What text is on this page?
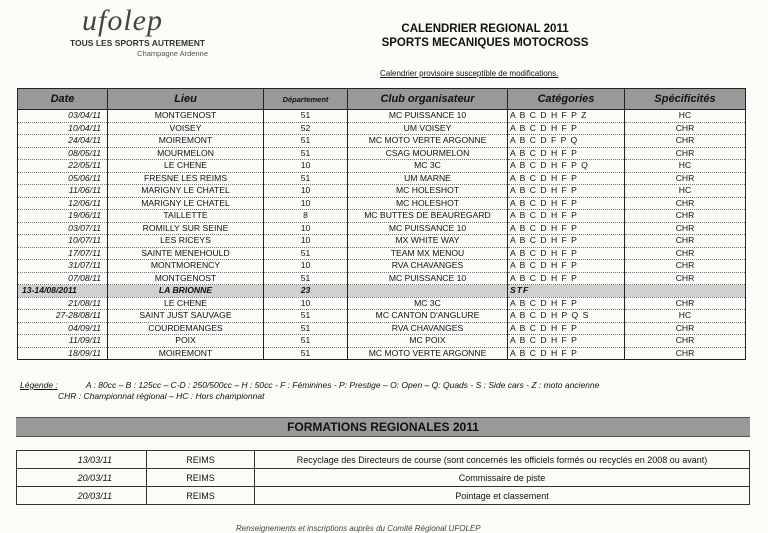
ufolep
TOUS LES SPORTS AUTREMENT
Champagne Ardenne
CALENDRIER REGIONAL 2011
SPORTS MECANIQUES MOTOCROSS
Calendrier provisoire susceptible de modifications.
Date	Lieu	Département	Club organisateur	Catégories	Spécificités
03/04/11	MONTGENOST	51	MC PUISSANCE 10	A B C D H F P Z	HC
10/04/11	VOISEY	52	UM VOISEY	A B C D H F P	CHR
24/04/11	MOIREMONT	51	MC MOTO VERTE ARGONNE	A B C D F P Q	CHR
08/05/11	MOURMELON	51	CSAG MOURMELON	A B C D H F P	CHR
22/05/11	LE CHENE	10	MC 3C	A B C D H F P Q	HC
05/06/11	FRESNE LES REIMS	51	UM MARNE	A B C D H F P	CHR
11/06/11	MARIGNY LE CHATEL	10	MC HOLESHOT	A B C D H F P	HC
12/06/11	MARIGNY LE CHATEL	10	MC HOLESHOT	A B C D H F P	CHR
19/06/11	TAILLETTE	8	MC BUTTES DE BEAUREGARD	A B C D H F P	CHR
03/07/11	ROMILLY SUR SEINE	10	MC PUISSANCE 10	A B C D H F P	CHR
10/07/11	LES RICEYS	10	MX WHITE WAY	A B C D H F P	CHR
17/07/11	SAINTE MENEHOULD	51	TEAM MX MENOU	A B C D H F P	CHR
31/07/11	MONTMORENCY	10	RVA CHAVANGES	A B C D H F P	CHR
07/08/11	MONTGENOST	51	MC PUISSANCE 10	A B C D H F P	CHR
13-14/08/2011	LA BRIONNE	23		STF	
21/08/11	LE CHENE	10	MC 3C	A B C D H F P	CHR
27-28/08/11	SAINT JUST SAUVAGE	51	MC CANTON D'ANGLURE	A B C D H P Q S	HC
04/09/11	COURDEMANGES	51	RVA CHAVANGES	A B C D H F P	CHR
11/09/11	POIX	51	MC POIX	A B C D H F P	CHR
18/09/11	MOIREMONT	51	MC MOTO VERTE ARGONNE	A B C D H F P	CHR
Légende :	A : 80cc – B : 125cc – C-D : 250/500cc – H : 50cc - F : Féminines - P: Prestige – O: Open – Q: Quads - S : Side cars - Z : moto ancienne
CHR : Championnat régional – HC : Hors championnat
FORMATIONS REGIONALES 2011
13/03/11	REIMS	Recyclage des Directeurs de course (sont concernés les officiels formés ou recyclés en 2008 ou avant)
20/03/11	REIMS	Commissaire de piste
20/03/11	REIMS	Pointage et classement
Renseignements et inscriptions auprès du Comité Régional UFOLEP
